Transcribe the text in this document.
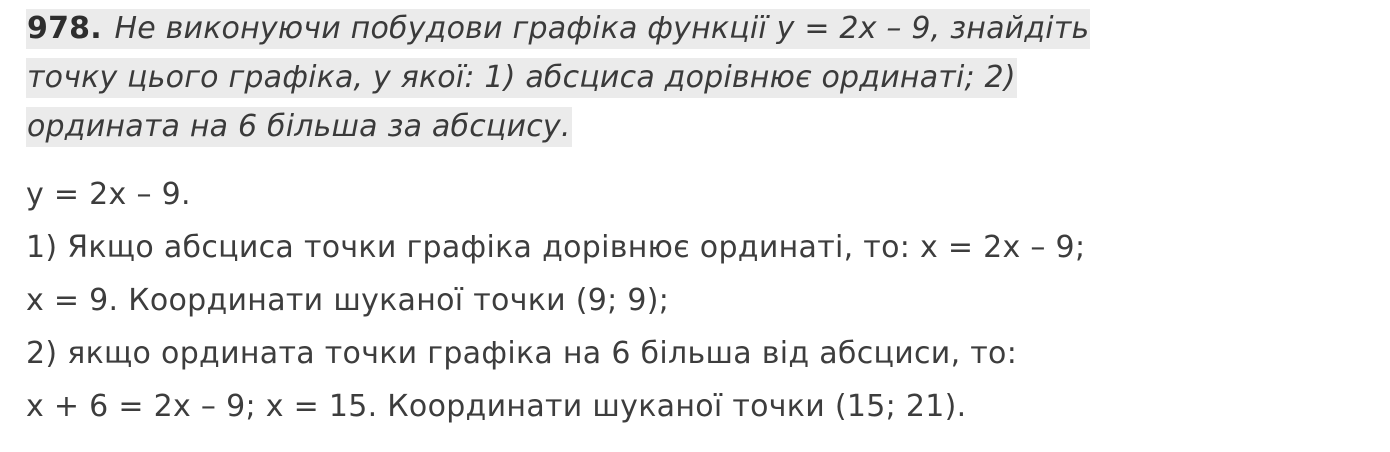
978. Не виконуючи побудови графіка функції y = 2x – 9, знайдіть
точку цього графіка, у якої: 1) абсциса дорівнює ординаті; 2)
ордината на 6 більша за абсцису.
y = 2x – 9.
1) Якщо абсциса точки графіка дорівнює ординаті, то: x = 2x – 9;
x = 9. Координати шуканої точки (9; 9);
2) якщо ордината точки графіка на 6 більша від абсциси, то:
x + 6 = 2x – 9; x = 15. Координати шуканої точки (15; 21).
